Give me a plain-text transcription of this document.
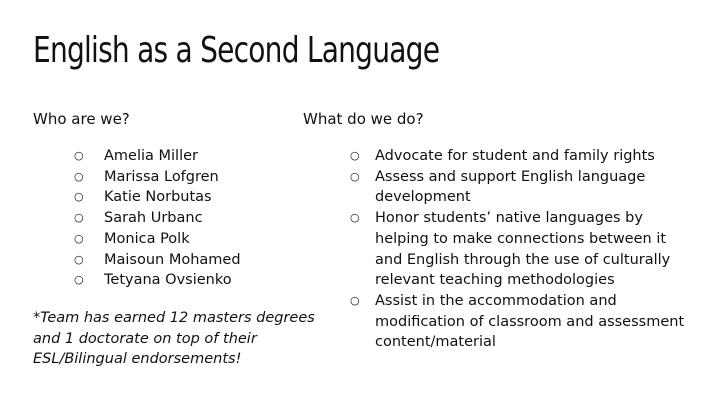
English as a Second Language
Who are we?	What do we do?
○ Amelia Miller
○ Marissa Lofgren
○ Katie Norbutas
○ Sarah Urbanc
○ Monica Polk
○ Maisoun Mohamed
○ Tetyana Ovsienko
*Team has earned 12 masters degrees and 1 doctorate on top of their ESL/Bilingual endorsements!
○ Advocate for student and family rights
○ Assess and support English language development
○ Honor students’ native languages by helping to make connections between it and English through the use of culturally relevant teaching methodologies
○ Assist in the accommodation and modification of classroom and assessment content/material
